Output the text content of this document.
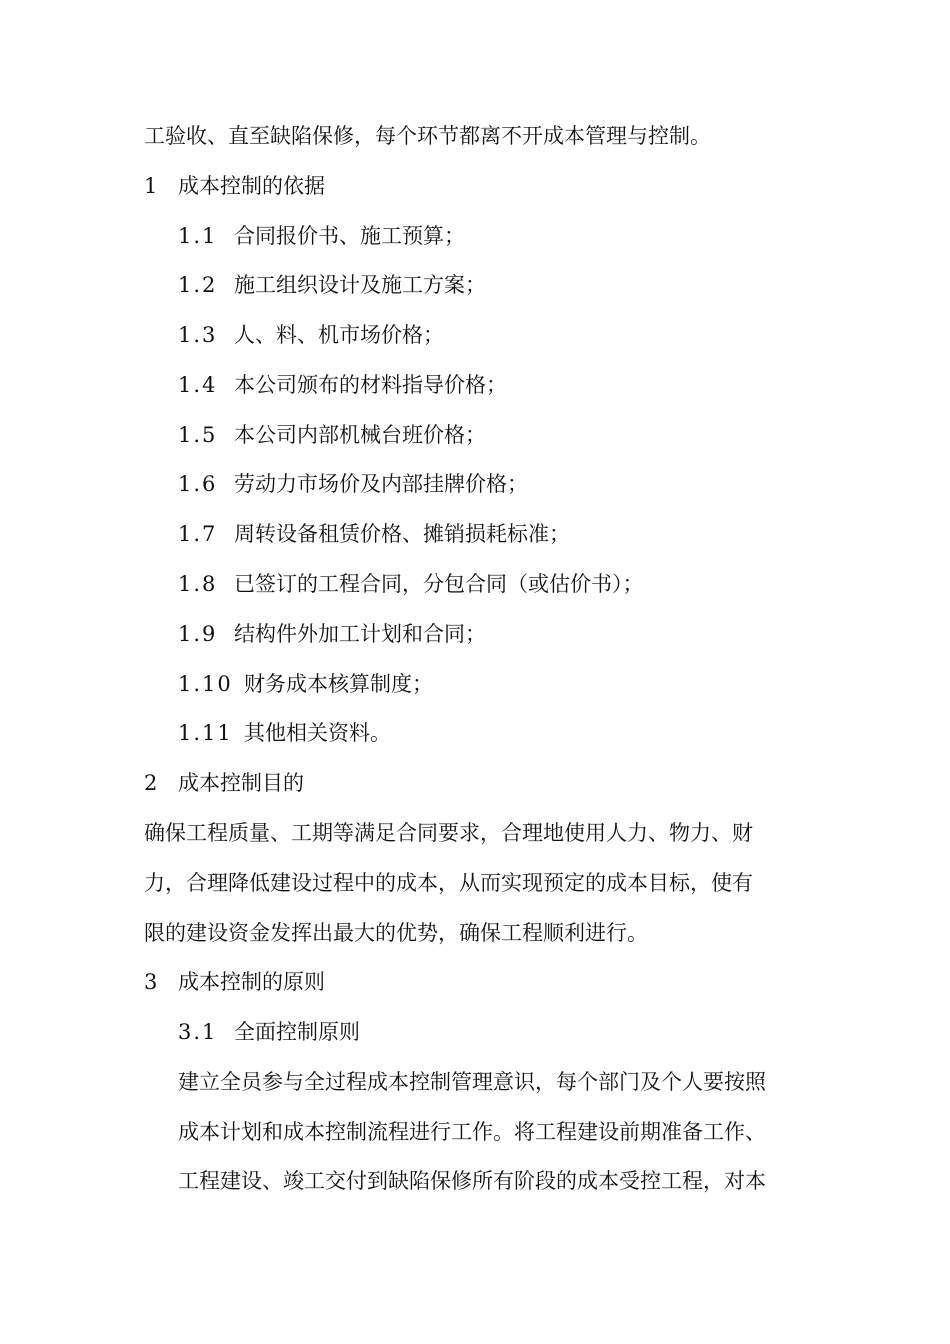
工验收、直至缺陷保修，每个环节都离不开成本管理与控制。
1 成本控制的依据
1.1 合同报价书、施工预算；
1.2 施工组织设计及施工方案；
1.3 人、料、机市场价格；
1.4 本公司颁布的材料指导价格；
1.5 本公司内部机械台班价格；
1.6 劳动力市场价及内部挂牌价格；
1.7 周转设备租赁价格、摊销损耗标准；
1.8 已签订的工程合同，分包合同（或估价书）；
1.9 结构件外加工计划和合同；
1.10 财务成本核算制度；
1.11 其他相关资料。
2 成本控制目的
确保工程质量、工期等满足合同要求，合理地使用人力、物力、财
力，合理降低建设过程中的成本，从而实现预定的成本目标，使有
限的建设资金发挥出最大的优势，确保工程顺利进行。
3 成本控制的原则
3.1 全面控制原则
建立全员参与全过程成本控制管理意识，每个部门及个人要按照
成本计划和成本控制流程进行工作。将工程建设前期准备工作、
工程建设、竣工交付到缺陷保修所有阶段的成本受控工程，对本
